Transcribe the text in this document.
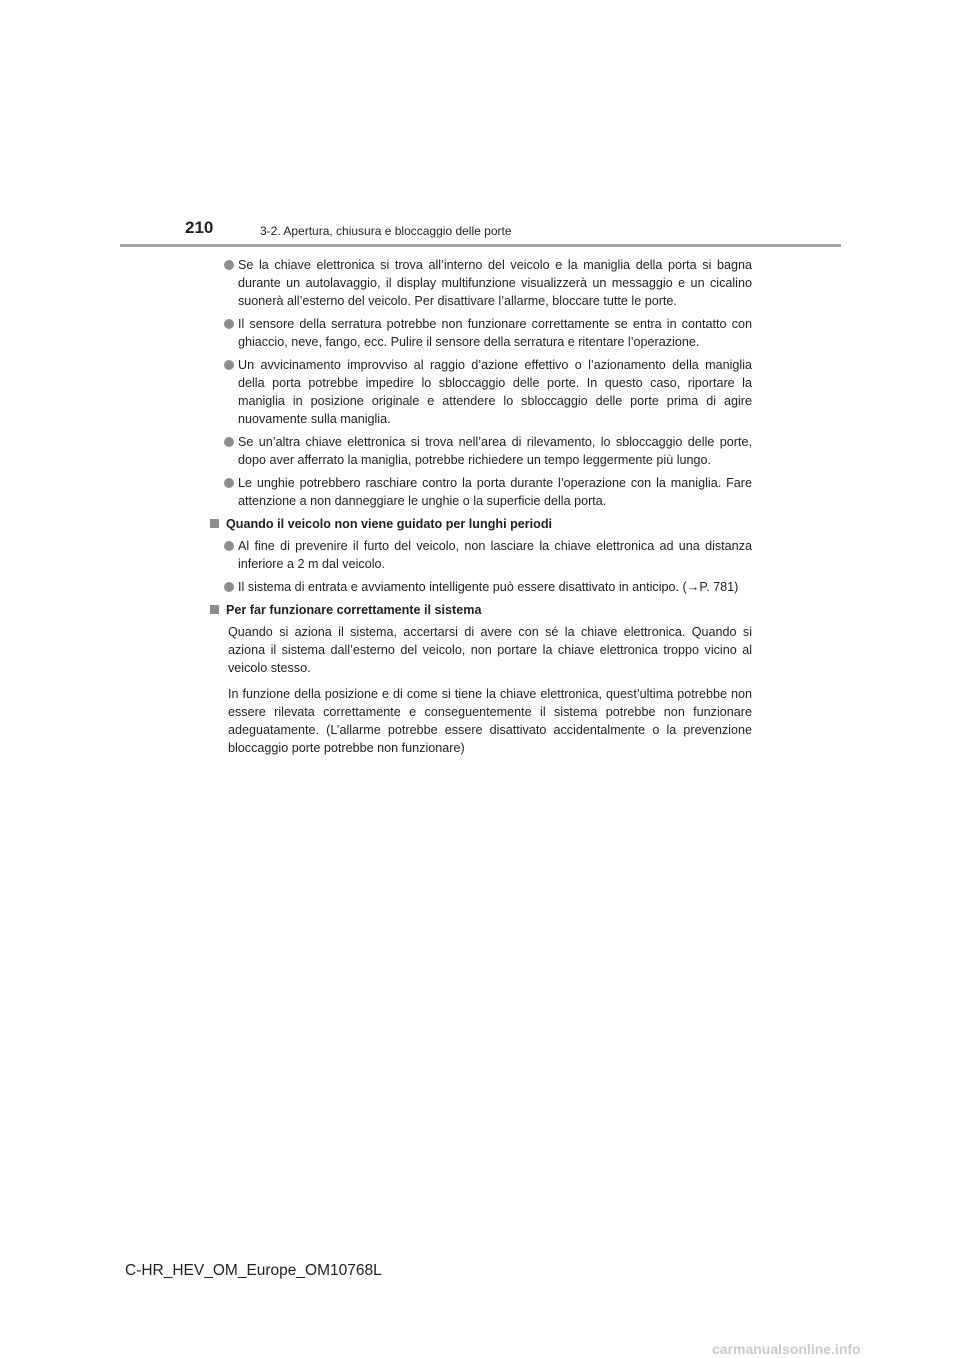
210	3-2. Apertura, chiusura e bloccaggio delle porte

Se la chiave elettronica si trova all’interno del veicolo e la maniglia della porta si bagna durante un autolavaggio, il display multifunzione visualizzerà un messaggio e un cicalino suonerà all’esterno del veicolo. Per disattivare l’allarme, bloccare tutte le porte.

Il sensore della serratura potrebbe non funzionare correttamente se entra in contatto con ghiaccio, neve, fango, ecc. Pulire il sensore della serratura e ritentare l’operazione.

Un avvicinamento improvviso al raggio d’azione effettivo o l’azionamento della maniglia della porta potrebbe impedire lo sbloccaggio delle porte. In questo caso, riportare la maniglia in posizione originale e attendere lo sbloccaggio delle porte prima di agire nuovamente sulla maniglia.

Se un’altra chiave elettronica si trova nell’area di rilevamento, lo sbloccaggio delle porte, dopo aver afferrato la maniglia, potrebbe richiedere un tempo leggermente più lungo.

Le unghie potrebbero raschiare contro la porta durante l’operazione con la maniglia. Fare attenzione a non danneggiare le unghie o la superficie della porta.

Quando il veicolo non viene guidato per lunghi periodi

Al fine di prevenire il furto del veicolo, non lasciare la chiave elettronica ad una distanza inferiore a 2 m dal veicolo.

Il sistema di entrata e avviamento intelligente può essere disattivato in anticipo. (→P. 781)

Per far funzionare correttamente il sistema

Quando si aziona il sistema, accertarsi di avere con sé la chiave elettronica. Quando si aziona il sistema dall’esterno del veicolo, non portare la chiave elettronica troppo vicino al veicolo stesso.

In funzione della posizione e di come si tiene la chiave elettronica, quest’ultima potrebbe non essere rilevata correttamente e conseguentemente il sistema potrebbe non funzionare adeguatamente. (L’allarme potrebbe essere disattivato accidentalmente o la prevenzione bloccaggio porte potrebbe non funzionare)

C-HR_HEV_OM_Europe_OM10768L
carmanualsonline.info
